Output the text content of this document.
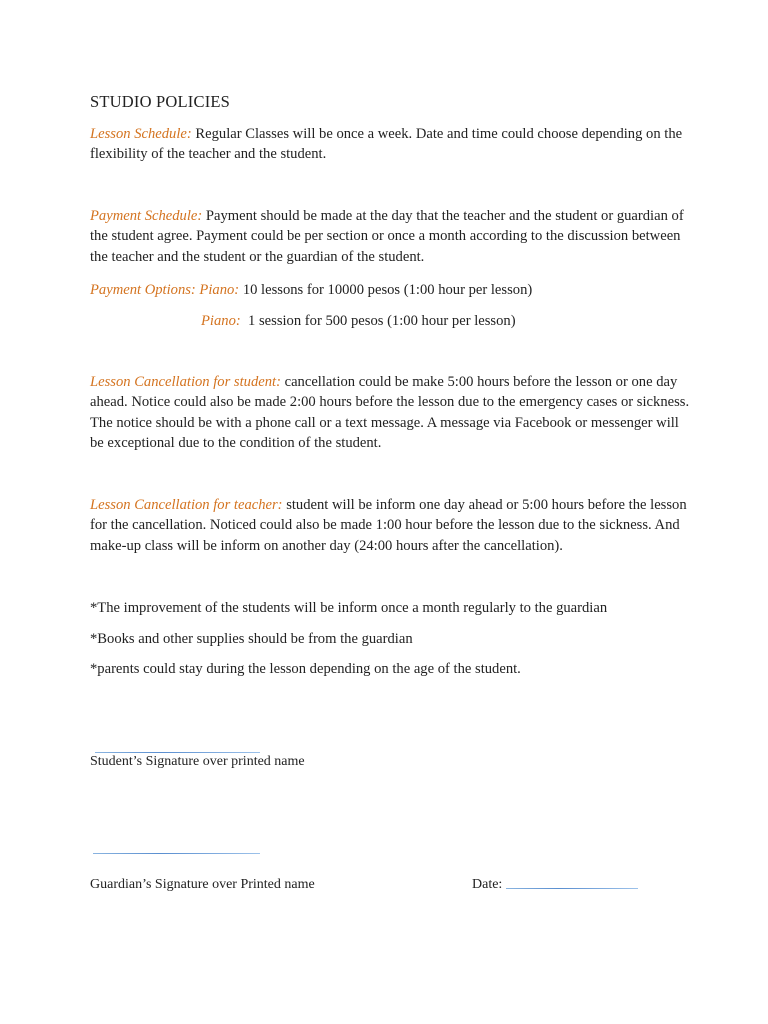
STUDIO POLICIES

Lesson Schedule: Regular Classes will be once a week. Date and time could choose depending on the flexibility of the teacher and the student.

Payment Schedule: Payment should be made at the day that the teacher and the student or guardian of the student agree. Payment could be per section or once a month according to the discussion between the teacher and the student or the guardian of the student.

Payment Options: Piano: 10 lessons for 10000 pesos (1:00 hour per lesson)

Piano: 1 session for 500 pesos (1:00 hour per lesson)

Lesson Cancellation for student: cancellation could be make 5:00 hours before the lesson or one day ahead. Notice could also be made 2:00 hours before the lesson due to the emergency cases or sickness. The notice should be with a phone call or a text message. A message via Facebook or messenger will be exceptional due to the condition of the student.

Lesson Cancellation for teacher: student will be inform one day ahead or 5:00 hours before the lesson for the cancellation. Noticed could also be made 1:00 hour before the lesson due to the sickness. And make-up class will be inform on another day (24:00 hours after the cancellation).

*The improvement of the students will be inform once a month regularly to the guardian

*Books and other supplies should be from the guardian

*parents could stay during the lesson depending on the age of the student.

Student’s Signature over printed name

Guardian’s Signature over Printed name	Date:
